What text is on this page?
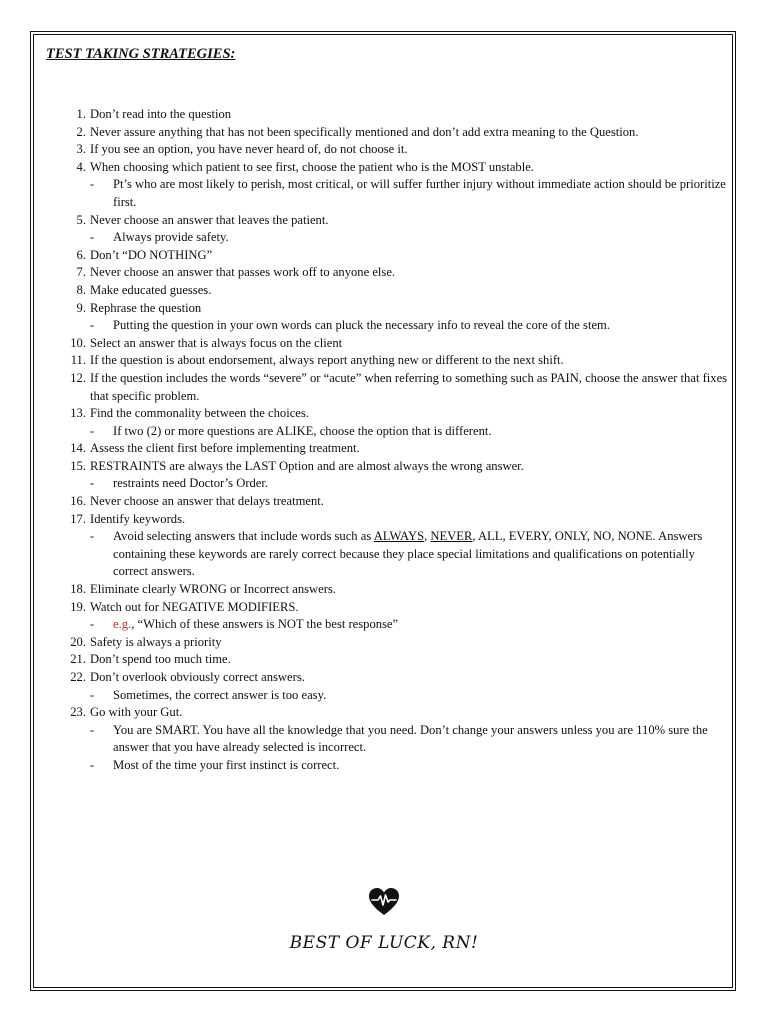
TEST TAKING STRATEGIES:
1. Don’t read into the question
2. Never assure anything that has not been specifically mentioned and don’t add extra meaning to the Question.
3. If you see an option, you have never heard of, do not choose it.
4. When choosing which patient to see first, choose the patient who is the MOST unstable.
- Pt’s who are most likely to perish, most critical, or will suffer further injury without immediate action should be prioritize first.
5. Never choose an answer that leaves the patient.
- Always provide safety.
6. Don’t “DO NOTHING”
7. Never choose an answer that passes work off to anyone else.
8. Make educated guesses.
9. Rephrase the question
- Putting the question in your own words can pluck the necessary info to reveal the core of the stem.
10. Select an answer that is always focus on the client
11. If the question is about endorsement, always report anything new or different to the next shift.
12. If the question includes the words “severe” or “acute” when referring to something such as PAIN, choose the answer that fixes that specific problem.
13. Find the commonality between the choices.
- If two (2) or more questions are ALIKE, choose the option that is different.
14. Assess the client first before implementing treatment.
15. RESTRAINTS are always the LAST Option and are almost always the wrong answer.
- restraints need Doctor’s Order.
16. Never choose an answer that delays treatment.
17. Identify keywords.
- Avoid selecting answers that include words such as ALWAYS, NEVER, ALL, EVERY, ONLY, NO, NONE. Answers containing these keywords are rarely correct because they place special limitations and qualifications on potentially correct answers.
18. Eliminate clearly WRONG or Incorrect answers.
19. Watch out for NEGATIVE MODIFIERS.
- e.g., “Which of these answers is NOT the best response”
20. Safety is always a priority
21. Don’t spend too much time.
22. Don’t overlook obviously correct answers.
- Sometimes, the correct answer is too easy.
23. Go with your Gut.
- You are SMART. You have all the knowledge that you need. Don’t change your answers unless you are 110% sure the answer that you have already selected is incorrect.
- Most of the time your first instinct is correct.

BEST OF LUCK, RN!
